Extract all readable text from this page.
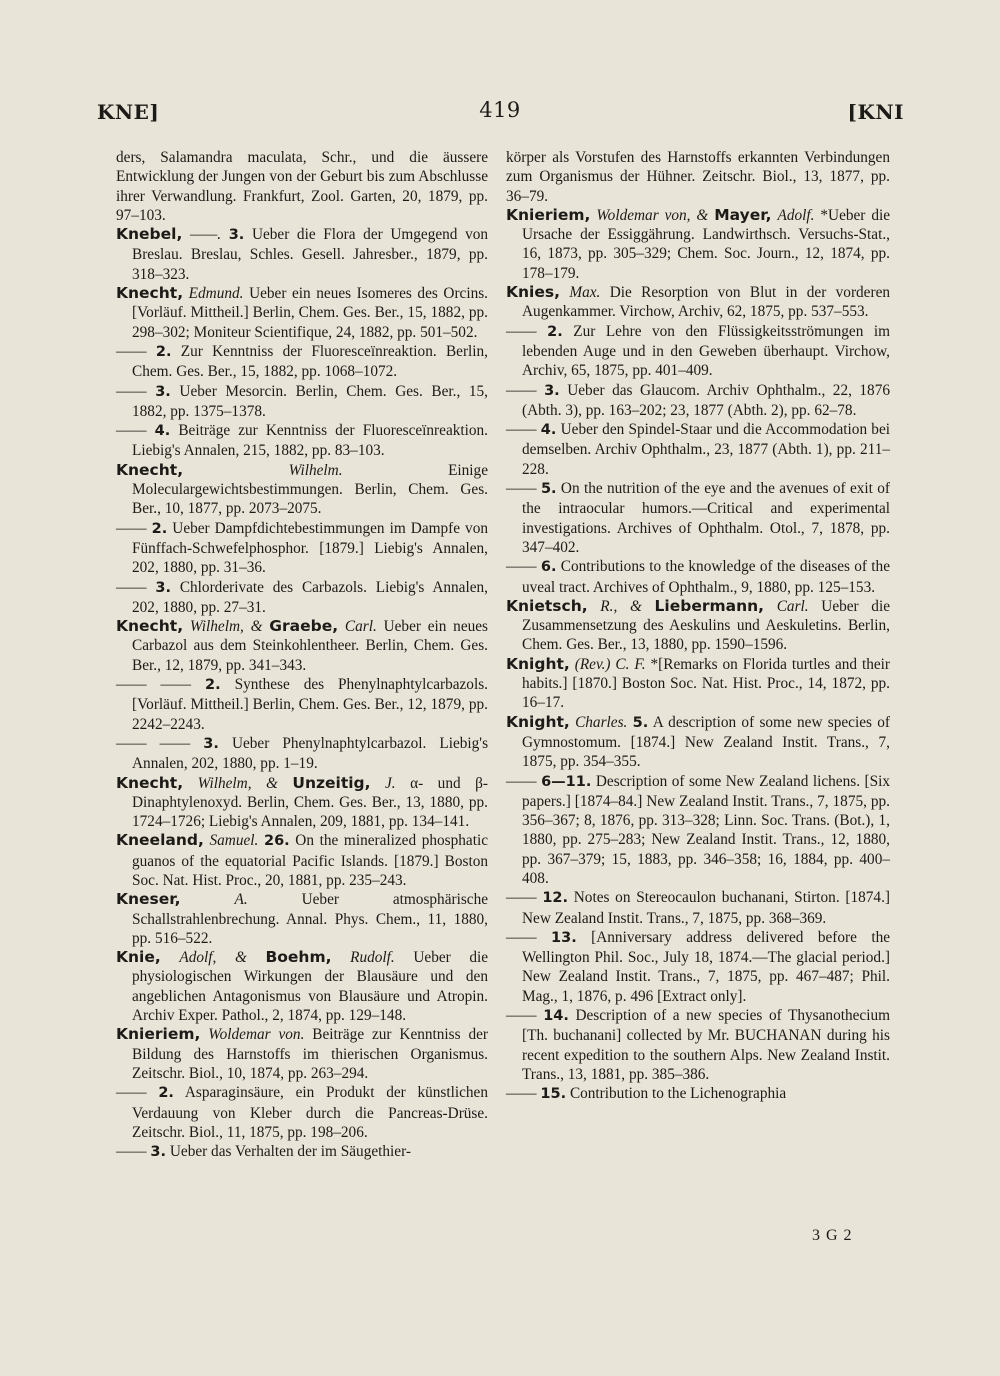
KNE]	419	[KNI

ders, Salamandra maculata, Schr., und die äussere Entwicklung der Jungen von der Geburt bis zum Abschlusse ihrer Verwandlung. Frankfurt, Zool. Garten, 20, 1879, pp. 97–103.

Knebel, ——. 3. Ueber die Flora der Umgegend von Breslau. Breslau, Schles. Gesell. Jahresber., 1879, pp. 318–323.

Knecht, Edmund. Ueber ein neues Isomeres des Orcins. [Vorläuf. Mittheil.] Berlin, Chem. Ges. Ber., 15, 1882, pp. 298–302; Moniteur Scientifique, 24, 1882, pp. 501–502.

—— 2. Zur Kenntniss der Fluoresceïnreaktion. Berlin, Chem. Ges. Ber., 15, 1882, pp. 1068–1072.

—— 3. Ueber Mesorcin. Berlin, Chem. Ges. Ber., 15, 1882, pp. 1375–1378.

—— 4. Beiträge zur Kenntniss der Fluoresceïnreaktion. Liebig's Annalen, 215, 1882, pp. 83–103.

Knecht,	Wilhelm.	Einige Moleculargewichtsbestimmungen. Berlin, Chem. Ges. Ber., 10, 1877, pp. 2073–2075.

—— 2. Ueber Dampfdichtebestimmungen im Dampfe von Fünffach-Schwefelphosphor. [1879.] Liebig's Annalen, 202, 1880, pp. 31–36.

—— 3. Chlorderivate des Carbazols. Liebig's Annalen, 202, 1880, pp. 27–31.

Knecht, Wilhelm, & Graebe, Carl. Ueber ein neues Carbazol aus dem Steinkohlentheer. Berlin, Chem. Ges. Ber., 12, 1879, pp. 341–343.

—— —— 2. Synthese des Phenylnaphtylcarbazols. [Vorläuf. Mittheil.] Berlin, Chem. Ges. Ber., 12, 1879, pp. 2242–2243.

—— —— 3. Ueber Phenylnaphtylcarbazol. Liebig's Annalen, 202, 1880, pp. 1–19.

Knecht, Wilhelm, & Unzeitig, J. α- und β-Dinaphtylenoxyd. Berlin, Chem. Ges. Ber., 13, 1880, pp. 1724–1726; Liebig's Annalen, 209, 1881, pp. 134–141.

Kneeland, Samuel. 26. On the mineralized phosphatic guanos of the equatorial Pacific Islands. [1879.] Boston Soc. Nat. Hist. Proc., 20, 1881, pp. 235–243.

Kneser,	A.	Ueber atmosphärische Schallstrahlenbrechung. Annal. Phys. Chem., 11, 1880, pp. 516–522.

Knie, Adolf, & Boehm, Rudolf. Ueber die physiologischen Wirkungen der Blausäure und den angeblichen Antagonismus von Blausäure und Atropin. Archiv Exper. Pathol., 2, 1874, pp. 129–148.

Knieriem, Woldemar von. Beiträge zur Kenntniss der Bildung des Harnstoffs im thierischen Organismus. Zeitschr. Biol., 10, 1874, pp. 263–294.

—— 2. Asparaginsäure, ein Produkt der künstlichen Verdauung von Kleber durch die Pancreas-Drüse. Zeitschr. Biol., 11, 1875, pp. 198–206.

—— 3. Ueber das Verhalten der im Säugethier-

körper als Vorstufen des Harnstoffs erkannten Verbindungen zum Organismus der Hühner. Zeitschr. Biol., 13, 1877, pp. 36–79.

Knieriem, Woldemar von, & Mayer, Adolf. *Ueber die Ursache der Essiggährung. Landwirthsch. Versuchs-Stat., 16, 1873, pp. 305–329; Chem. Soc. Journ., 12, 1874, pp. 178–179.

Knies, Max. Die Resorption von Blut in der vorderen Augenkammer. Virchow, Archiv, 62, 1875, pp. 537–553.

—— 2. Zur Lehre von den Flüssigkeitsströmungen im lebenden Auge und in den Geweben überhaupt. Virchow, Archiv, 65, 1875, pp. 401–409.

—— 3. Ueber das Glaucom. Archiv Ophthalm., 22, 1876 (Abth. 3), pp. 163–202; 23, 1877 (Abth. 2), pp. 62–78.

—— 4. Ueber den Spindel-Staar und die Accommodation bei demselben. Archiv Ophthalm., 23, 1877 (Abth. 1), pp. 211–228.

—— 5. On the nutrition of the eye and the avenues of exit of the intraocular humors.—Critical and experimental investigations. Archives of Ophthalm. Otol., 7, 1878, pp. 347–402.

—— 6. Contributions to the knowledge of the diseases of the uveal tract. Archives of Ophthalm., 9, 1880, pp. 125–153.

Knietsch, R., & Liebermann, Carl. Ueber die Zusammensetzung des Aeskulins und Aeskuletins. Berlin, Chem. Ges. Ber., 13, 1880, pp. 1590–1596.

Knight, (Rev.) C. F. *[Remarks on Florida turtles and their habits.] [1870.] Boston Soc. Nat. Hist. Proc., 14, 1872, pp. 16–17.

Knight, Charles. 5. A description of some new species of Gymnostomum. [1874.] New Zealand Instit. Trans., 7, 1875, pp. 354–355.

—— 6—11. Description of some New Zealand lichens. [Six papers.] [1874–84.] New Zealand Instit. Trans., 7, 1875, pp. 356–367; 8, 1876, pp. 313–328; Linn. Soc. Trans. (Bot.), 1, 1880, pp. 275–283; New Zealand Instit. Trans., 12, 1880, pp. 367–379; 15, 1883, pp. 346–358; 16, 1884, pp. 400–408.

—— 12. Notes on Stereocaulon buchanani, Stirton. [1874.] New Zealand Instit. Trans., 7, 1875, pp. 368–369.

—— 13. [Anniversary address delivered before the Wellington Phil. Soc., July 18, 1874.—The glacial period.] New Zealand Instit. Trans., 7, 1875, pp. 467–487; Phil. Mag., 1, 1876, p. 496 [Extract only].

—— 14. Description of a new species of Thysanothecium [Th. buchanani] collected by Mr. BUCHANAN during his recent expedition to the southern Alps. New Zealand Instit. Trans., 13, 1881, pp. 385–386.

—— 15. Contribution to the Lichenographia

3 G 2
